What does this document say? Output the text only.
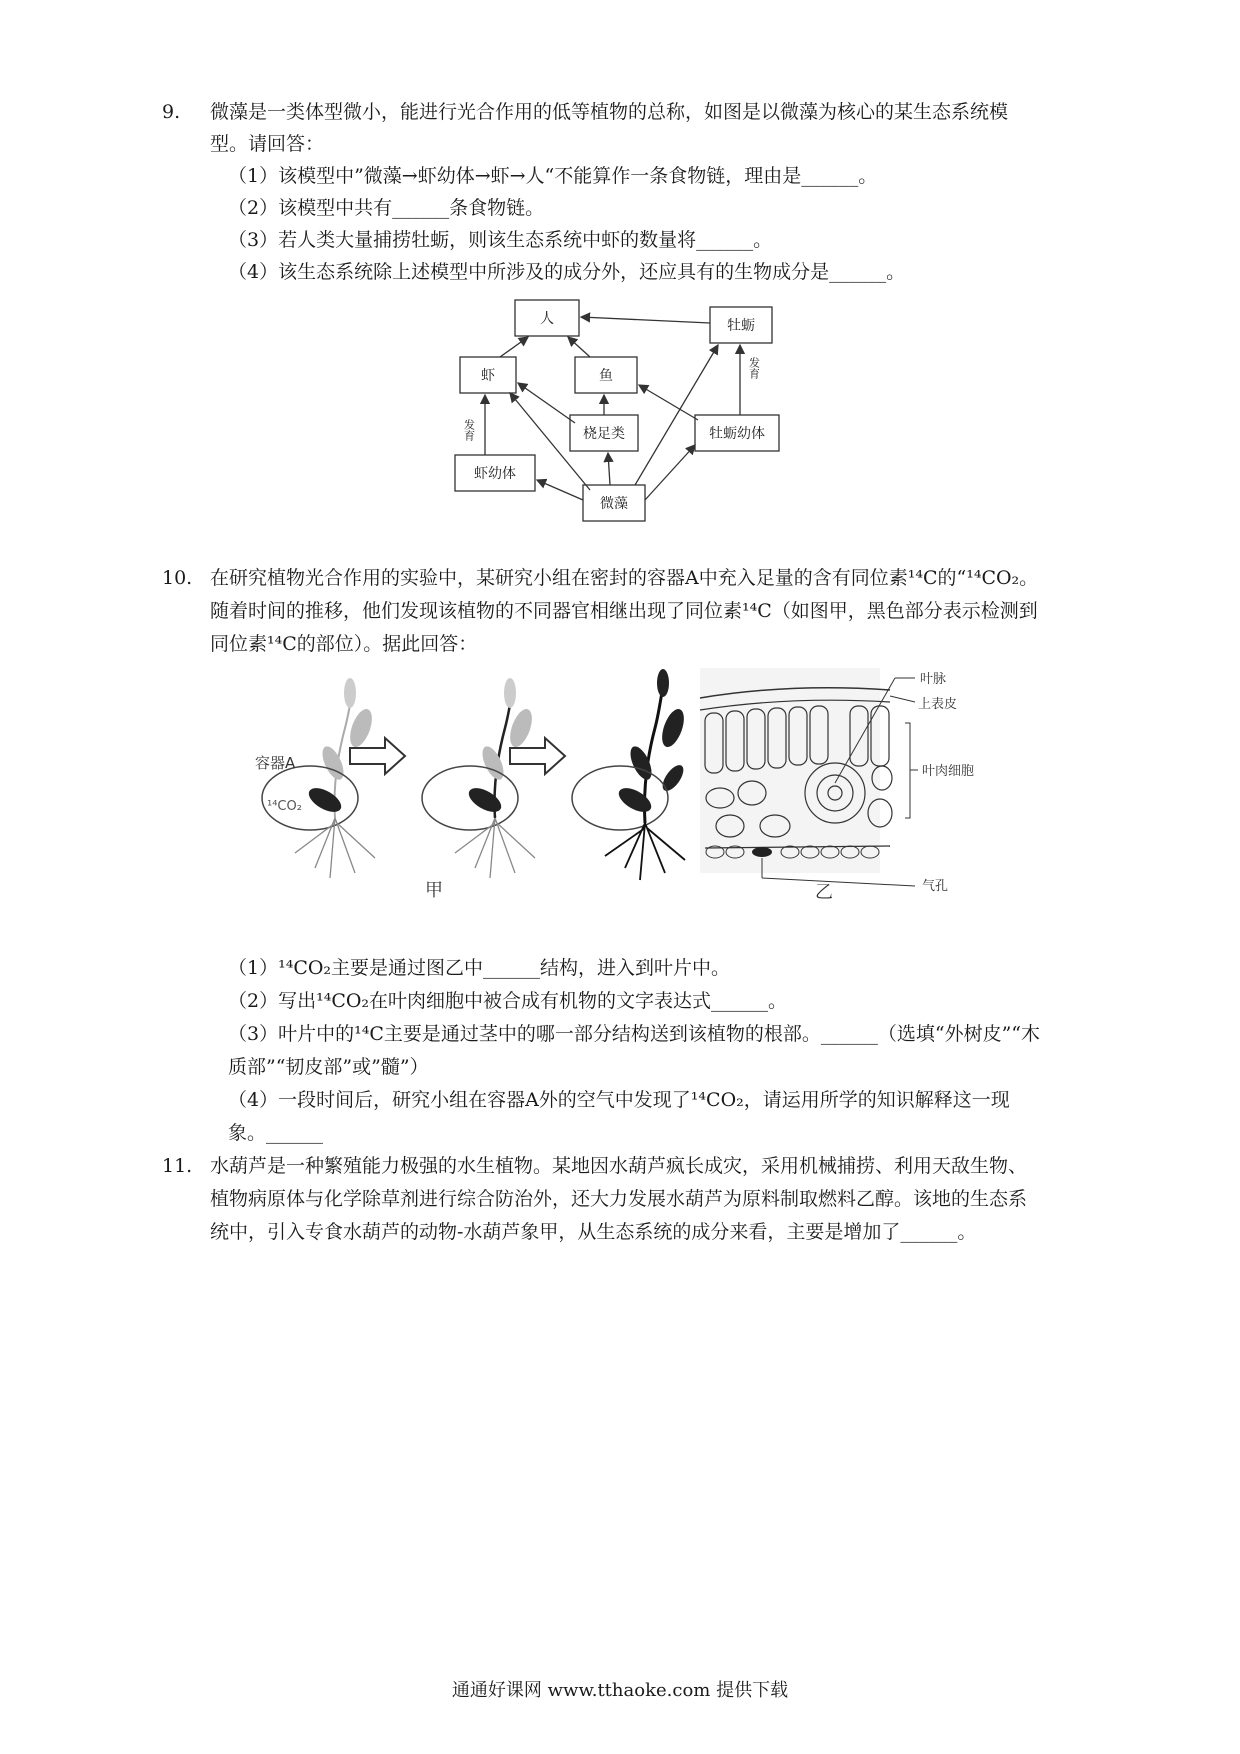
9. 微藻是一类体型微小，能进行光合作用的低等植物的总称，如图是以微藻为核心的某生态系统模型。请回答：

（1）该模型中”微藻→虾幼体→虾→人“不能算作一条食物链，理由是______。

（2）该模型中共有______条食物链。

（3）若人类大量捕捞牡蛎，则该生态系统中虾的数量将______。

（4）该生态系统除上述模型中所涉及的成分外，还应具有的生物成分是______。

人	牡蛎
虾	鱼
桡足类	牡蛎幼体
虾幼体
微藻
发育
发育
10. 在研究植物光合作用的实验中，某研究小组在密封的容器A中充入足量的含有同位素¹⁴C的“¹⁴CO₂。随着时间的推移，他们发现该植物的不同器官相继出现了同位素¹⁴C（如图甲，黑色部分表示检测到同位素¹⁴C的部位）。据此回答：

容器A
¹⁴CO₂
甲
叶脉
上表皮
叶肉细胞
气孔
乙

（1）¹⁴CO₂主要是通过图乙中______结构，进入到叶片中。

（2）写出¹⁴CO₂在叶肉细胞中被合成有机物的文字表达式______。

（3）叶片中的¹⁴C主要是通过茎中的哪一部分结构送到该植物的根部。______（选填“外树皮”“木质部”“韧皮部”或”髓”）

（4）一段时间后，研究小组在容器A外的空气中发现了¹⁴CO₂，请运用所学的知识解释这一现象。______

11. 水葫芦是一种繁殖能力极强的水生植物。某地因水葫芦疯长成灾，采用机械捕捞、利用天敌生物、植物病原体与化学除草剂进行综合防治外，还大力发展水葫芦为原料制取燃料乙醇。该地的生态系统中，引入专食水葫芦的动物-水葫芦象甲，从生态系统的成分来看，主要是增加了______。

通通好课网 www.tthaoke.com 提供下载
